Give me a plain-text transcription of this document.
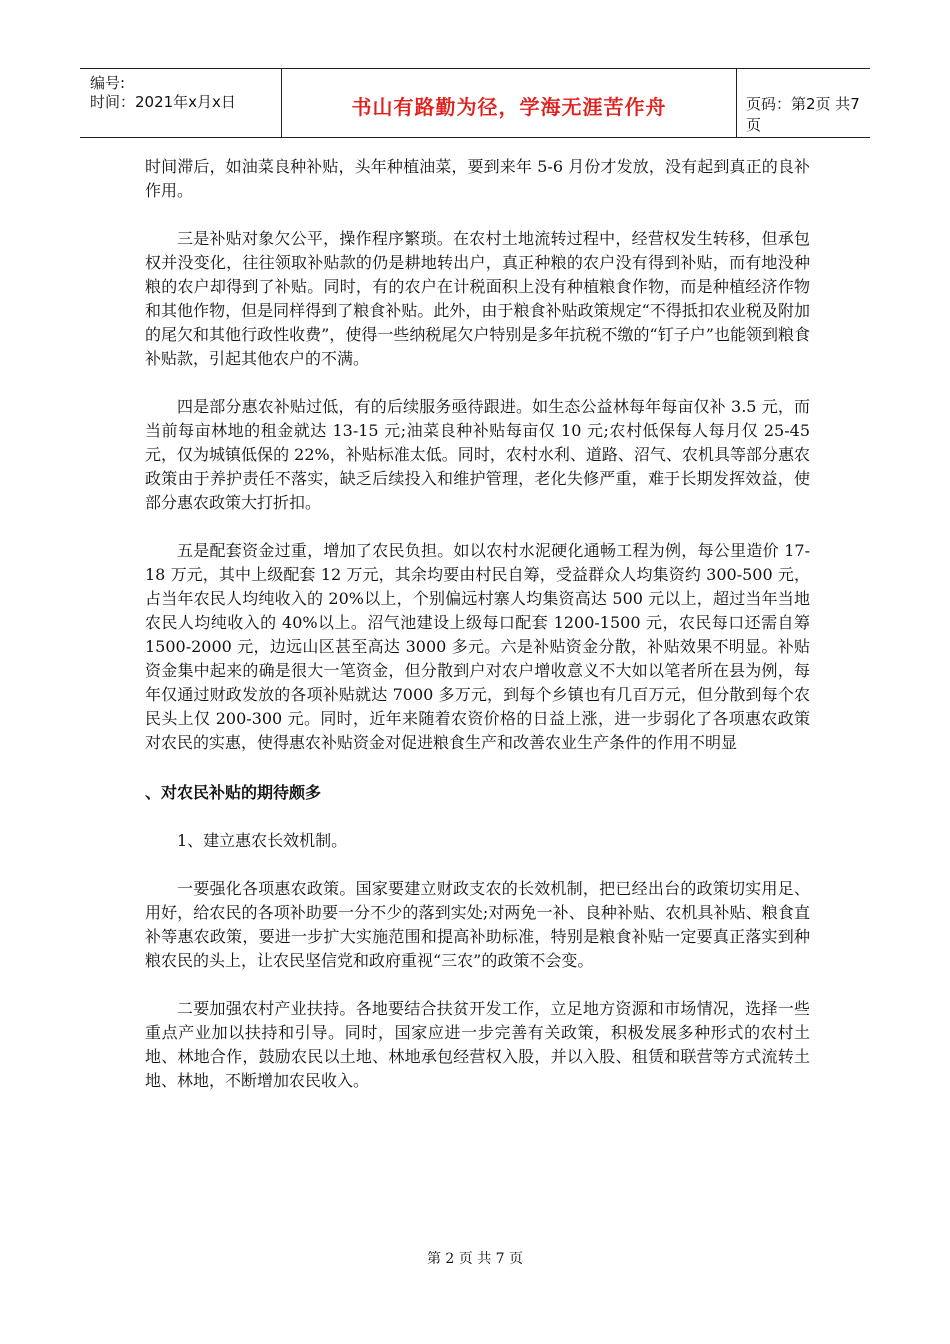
编号:
时间：2021年x月x日	书山有路勤为径，学海无涯苦作舟	页码：第2页 共7页

时间滞后，如油菜良种补贴，头年种植油菜，要到来年 5-6 月份才发放，没有起到真正的良补作用。

三是补贴对象欠公平，操作程序繁琐。在农村土地流转过程中，经营权发生转移，但承包权并没变化，往往领取补贴款的仍是耕地转出户，真正种粮的农户没有得到补贴，而有地没种粮的农户却得到了补贴。同时，有的农户在计税面积上没有种植粮食作物，而是种植经济作物和其他作物，但是同样得到了粮食补贴。此外，由于粮食补贴政策规定“不得抵扣农业税及附加的尾欠和其他行政性收费”，使得一些纳税尾欠户特别是多年抗税不缴的“钉子户”也能领到粮食补贴款，引起其他农户的不满。

四是部分惠农补贴过低，有的后续服务亟待跟进。如生态公益林每年每亩仅补 3.5 元，而当前每亩林地的租金就达 13-15 元;油菜良种补贴每亩仅 10 元;农村低保每人每月仅 25-45 元，仅为城镇低保的 22%，补贴标准太低。同时，农村水利、道路、沼气、农机具等部分惠农政策由于养护责任不落实，缺乏后续投入和维护管理，老化失修严重，难于长期发挥效益，使部分惠农政策大打折扣。

五是配套资金过重，增加了农民负担。如以农村水泥硬化通畅工程为例，每公里造价 17-18 万元，其中上级配套 12 万元，其余均要由村民自筹，受益群众人均集资约 300-500 元，占当年农民人均纯收入的 20%以上，个别偏远村寨人均集资高达 500 元以上，超过当年当地农民人均纯收入的 40%以上。沼气池建设上级每口配套 1200-1500 元，农民每口还需自筹 1500-2000 元，边远山区甚至高达 3000 多元。六是补贴资金分散，补贴效果不明显。补贴资金集中起来的确是很大一笔资金，但分散到户对农户增收意义不大如以笔者所在县为例，每年仅通过财政发放的各项补贴就达 7000 多万元，到每个乡镇也有几百万元，但分散到每个农民头上仅 200-300 元。同时，近年来随着农资价格的日益上涨，进一步弱化了各项惠农政策对农民的实惠，使得惠农补贴资金对促进粮食生产和改善农业生产条件的作用不明显

、对农民补贴的期待颇多

1、建立惠农长效机制。

一要强化各项惠农政策。国家要建立财政支农的长效机制，把已经出台的政策切实用足、用好，给农民的各项补助要一分不少的落到实处;对两免一补、良种补贴、农机具补贴、粮食直补等惠农政策，要进一步扩大实施范围和提高补助标准，特别是粮食补贴一定要真正落实到种粮农民的头上，让农民坚信党和政府重视“三农”的政策不会变。

二要加强农村产业扶持。各地要结合扶贫开发工作，立足地方资源和市场情况，选择一些重点产业加以扶持和引导。同时，国家应进一步完善有关政策，积极发展多种形式的农村土地、林地合作，鼓励农民以土地、林地承包经营权入股，并以入股、租赁和联营等方式流转土地、林地，不断增加农民收入。

第 2 页 共 7 页
